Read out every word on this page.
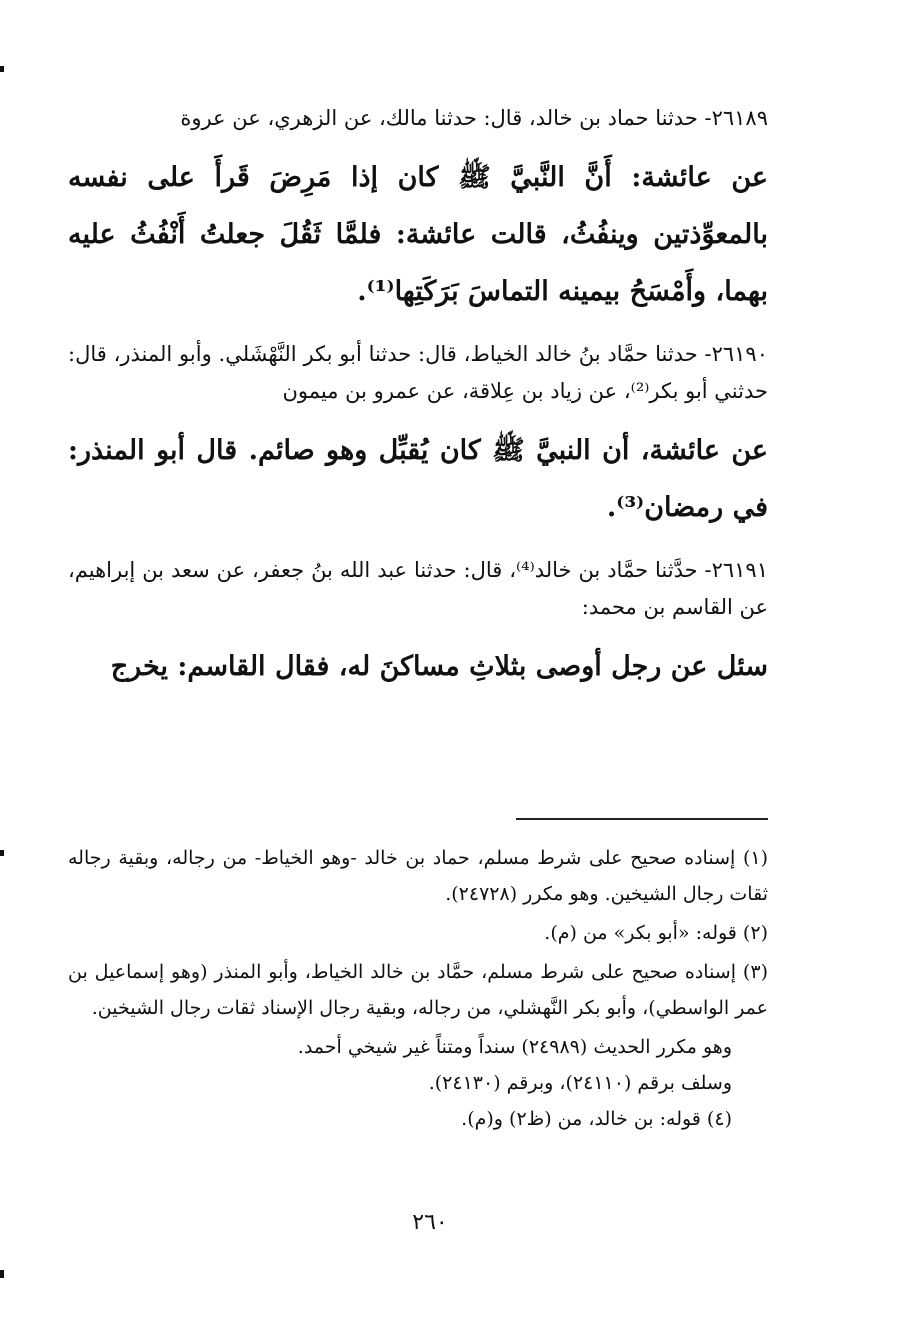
٢٦١٨٩- حدثنا حماد بن خالد، قال: حدثنا مالك، عن الزهري، عن عروة

عن عائشة: أَنَّ النَّبيَّ ﷺ كان إذا مَرِضَ قَرأَ على نفسه بالمعوِّذتين وينفُثُ، قالت عائشة: فلمَّا ثَقُلَ جعلتُ أَنْفُثُ عليه بهما، وأَمْسَحُ بيمينه التماسَ بَرَكَتِها⁽¹⁾.

٢٦١٩٠- حدثنا حمَّاد بنُ خالد الخياط، قال: حدثنا أبو بكر النَّهْشَلي. وأبو المنذر، قال: حدثني أبو بكر⁽²⁾، عن زياد بن عِلاقة، عن عمرو بن ميمون

عن عائشة، أن النبيَّ ﷺ كان يُقبِّل وهو صائم. قال أبو المنذر: في رمضان⁽³⁾.

٢٦١٩١- حدَّثنا حمَّاد بن خالد⁽⁴⁾، قال: حدثنا عبد الله بنُ جعفر، عن سعد بن إبراهيم، عن القاسم بن محمد:

سئل عن رجل أوصى بثلاثِ مساكنَ له، فقال القاسم: يخرج

(١) إسناده صحيح على شرط مسلم، حماد بن خالد -وهو الخياط- من رجاله، وبقية رجاله ثقات رجال الشيخين. وهو مكرر (٢٤٧٢٨).

(٢) قوله: «أبو بكر» من (م).

(٣) إسناده صحيح على شرط مسلم، حمَّاد بن خالد الخياط، وأبو المنذر (وهو إسماعيل بن عمر الواسطي)، وأبو بكر النَّهشلي، من رجاله، وبقية رجال الإسناد ثقات رجال الشيخين.

وهو مكرر الحديث (٢٤٩٨٩) سنداً ومتناً غير شيخي أحمد.

وسلف برقم (٢٤١١٠)، وبرقم (٢٤١٣٠).

(٤) قوله: بن خالد، من (ظ٢) و(م).

٢٦٠
